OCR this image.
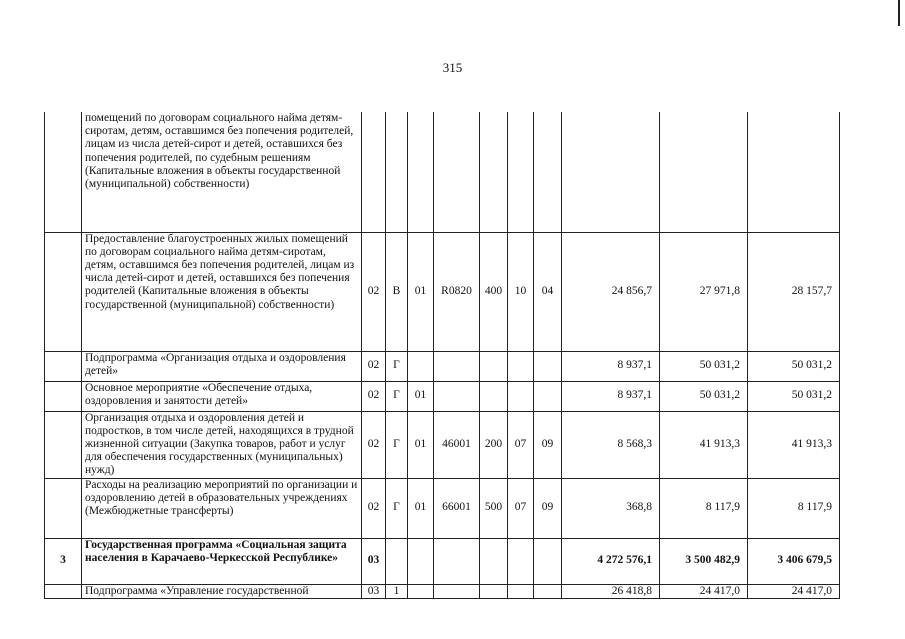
315
	помещений по договорам социального найма детям-сиротам, детям, оставшимся без попечения родителей, лицам из числа детей-сирот и детей, оставшихся без попечения родителей, по судебным решениям (Капитальные вложения в объекты государственной (муниципальной) собственности)										
	Предоставление благоустроенных жилых помещений по договорам социального найма детям-сиротам, детям, оставшимся без попечения родителей, лицам из числа детей-сирот и детей, оставшихся без попечения родителей (Капитальные вложения в объекты государственной (муниципальной) собственности)	02	В	01	R0820	400	10	04	24 856,7	27 971,8	28 157,7
	Подпрограмма «Организация отдыха и оздоровления детей»	02	Г						8 937,1	50 031,2	50 031,2
	Основное мероприятие «Обеспечение отдыха, оздоровления и занятости детей»	02	Г	01					8 937,1	50 031,2	50 031,2
	Организация отдыха и оздоровления детей и подростков, в том числе детей, находящихся в трудной жизненной ситуации (Закупка товаров, работ и услуг для обеспечения государственных (муниципальных) нужд)	02	Г	01	46001	200	07	09	8 568,3	41 913,3	41 913,3
	Расходы на реализацию мероприятий по организации и оздоровлению детей в образовательных учреждениях (Межбюджетные трансферты)	02	Г	01	66001	500	07	09	368,8	8 117,9	8 117,9
3	Государственная программа «Социальная защита населения в Карачаево-Черкесской Республике»	03							4 272 576,1	3 500 482,9	3 406 679,5
	Подпрограмма «Управление государственной	03	1						26 418,8	24 417,0	24 417,0
